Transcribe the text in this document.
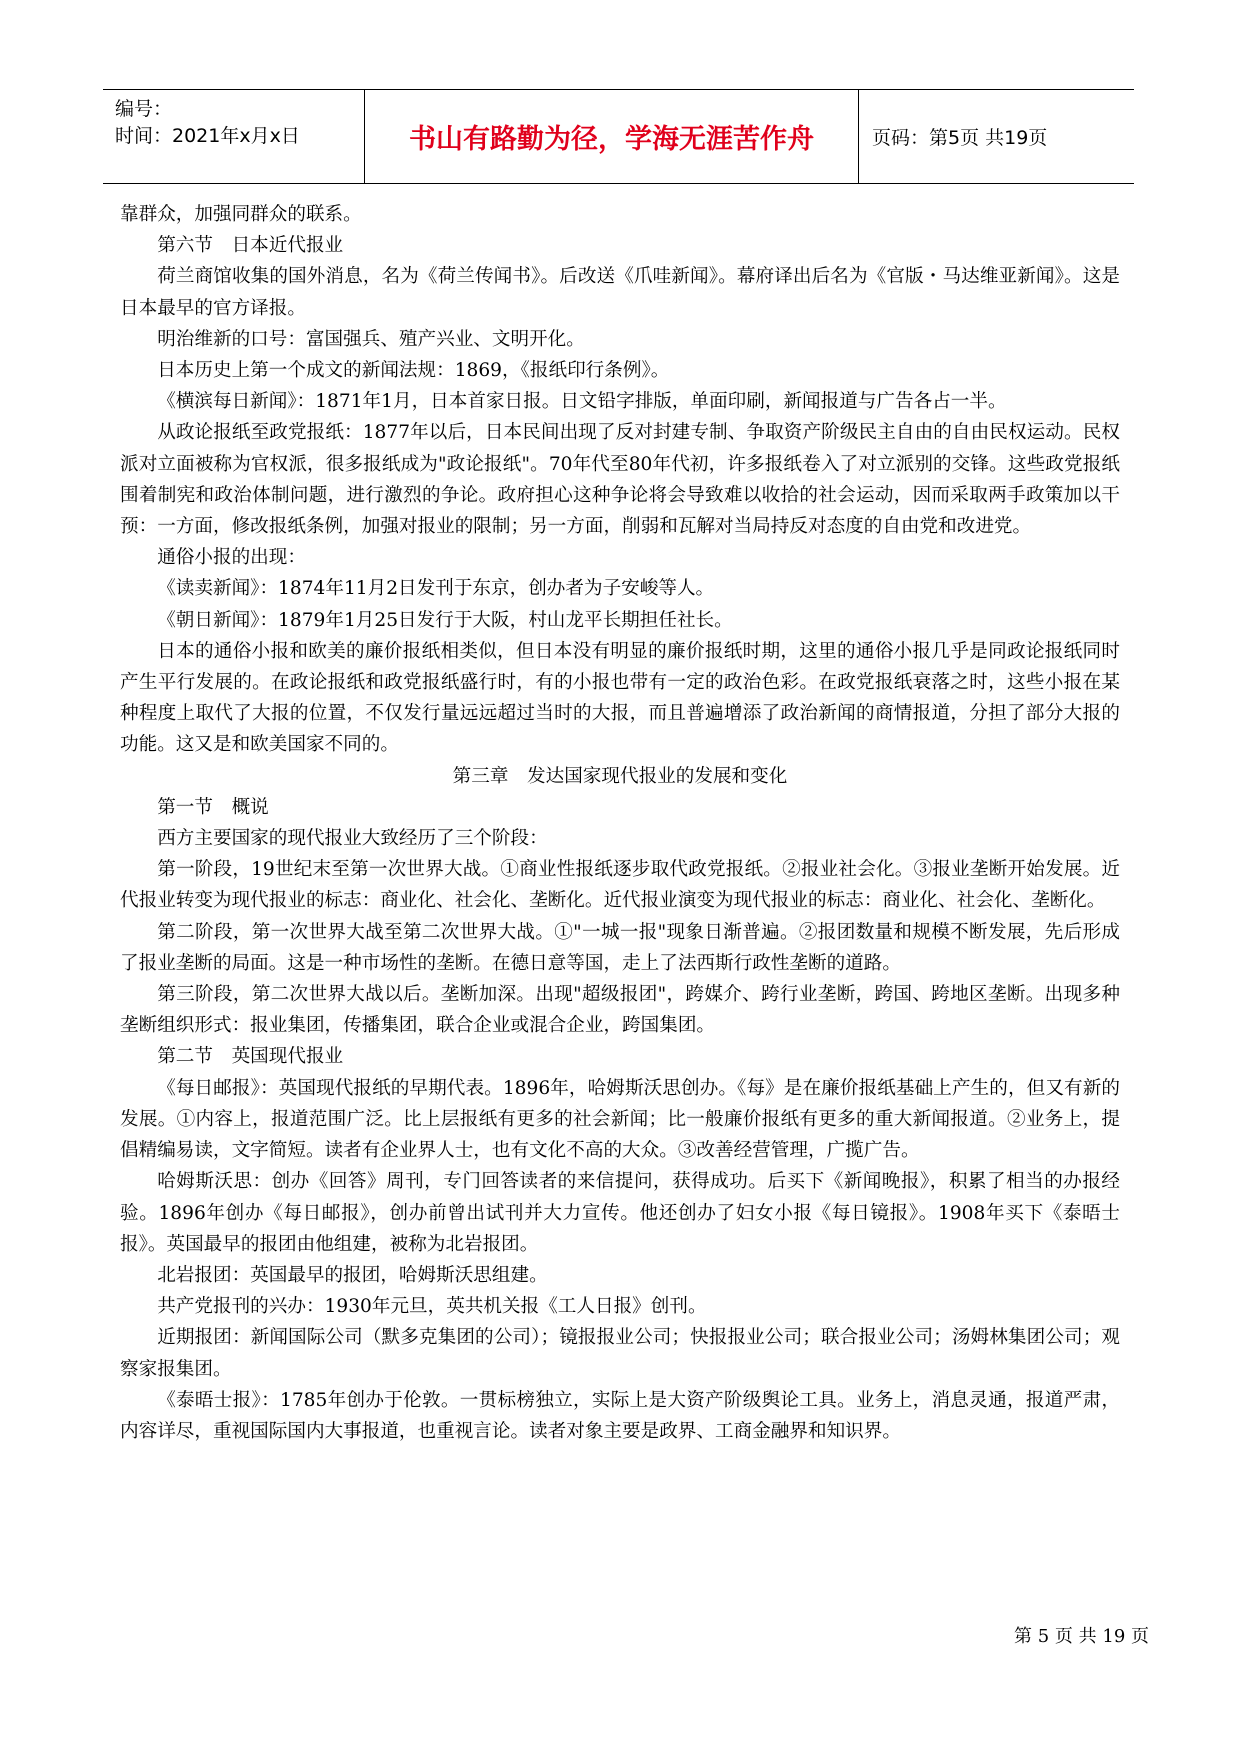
编号：
时间：2021年x月x日	书山有路勤为径，学海无涯苦作舟	页码：第5页 共19页

靠群众，加强同群众的联系。

第六节　日本近代报业

荷兰商馆收集的国外消息，名为《荷兰传闻书》。后改送《爪哇新闻》。幕府译出后名为《官版・马达维亚新闻》。这是日本最早的官方译报。

明治维新的口号：富国强兵、殖产兴业、文明开化。

日本历史上第一个成文的新闻法规：1869，《报纸印行条例》。

《横滨每日新闻》：1871年1月，日本首家日报。日文铅字排版，单面印刷，新闻报道与广告各占一半。

从政论报纸至政党报纸：1877年以后，日本民间出现了反对封建专制、争取资产阶级民主自由的自由民权运动。民权派对立面被称为官权派，很多报纸成为"政论报纸"。70年代至80年代初，许多报纸卷入了对立派别的交锋。这些政党报纸围着制宪和政治体制问题，进行激烈的争论。政府担心这种争论将会导致难以收拾的社会运动，因而采取两手政策加以干预：一方面，修改报纸条例，加强对报业的限制；另一方面，削弱和瓦解对当局持反对态度的自由党和改进党。

通俗小报的出现：

《读卖新闻》：1874年11月2日发刊于东京，创办者为子安峻等人。

《朝日新闻》：1879年1月25日发行于大阪，村山龙平长期担任社长。

日本的通俗小报和欧美的廉价报纸相类似，但日本没有明显的廉价报纸时期，这里的通俗小报几乎是同政论报纸同时产生平行发展的。在政论报纸和政党报纸盛行时，有的小报也带有一定的政治色彩。在政党报纸衰落之时，这些小报在某种程度上取代了大报的位置，不仅发行量远远超过当时的大报，而且普遍增添了政治新闻的商情报道，分担了部分大报的功能。这又是和欧美国家不同的。

第三章　发达国家现代报业的发展和变化

第一节　概说

西方主要国家的现代报业大致经历了三个阶段：

第一阶段，19世纪末至第一次世界大战。①商业性报纸逐步取代政党报纸。②报业社会化。③报业垄断开始发展。近代报业转变为现代报业的标志：商业化、社会化、垄断化。近代报业演变为现代报业的标志：商业化、社会化、垄断化。

第二阶段，第一次世界大战至第二次世界大战。①"一城一报"现象日渐普遍。②报团数量和规模不断发展，先后形成了报业垄断的局面。这是一种市场性的垄断。在德日意等国，走上了法西斯行政性垄断的道路。

第三阶段，第二次世界大战以后。垄断加深。出现"超级报团"，跨媒介、跨行业垄断，跨国、跨地区垄断。出现多种垄断组织形式：报业集团，传播集团，联合企业或混合企业，跨国集团。

第二节　英国现代报业

《每日邮报》：英国现代报纸的早期代表。1896年，哈姆斯沃思创办。《每》是在廉价报纸基础上产生的，但又有新的发展。①内容上，报道范围广泛。比上层报纸有更多的社会新闻；比一般廉价报纸有更多的重大新闻报道。②业务上，提倡精编易读，文字简短。读者有企业界人士，也有文化不高的大众。③改善经营管理，广揽广告。

哈姆斯沃思：创办《回答》周刊，专门回答读者的来信提问，获得成功。后买下《新闻晚报》，积累了相当的办报经验。1896年创办《每日邮报》，创办前曾出试刊并大力宣传。他还创办了妇女小报《每日镜报》。1908年买下《泰晤士报》。英国最早的报团由他组建，被称为北岩报团。

北岩报团：英国最早的报团，哈姆斯沃思组建。

共产党报刊的兴办：1930年元旦，英共机关报《工人日报》创刊。

近期报团：新闻国际公司（默多克集团的公司）；镜报报业公司；快报报业公司；联合报业公司；汤姆林集团公司；观察家报集团。

《泰晤士报》：1785年创办于伦敦。一贯标榜独立，实际上是大资产阶级舆论工具。业务上，消息灵通，报道严肃，内容详尽，重视国际国内大事报道，也重视言论。读者对象主要是政界、工商金融界和知识界。

第 5 页 共 19 页
